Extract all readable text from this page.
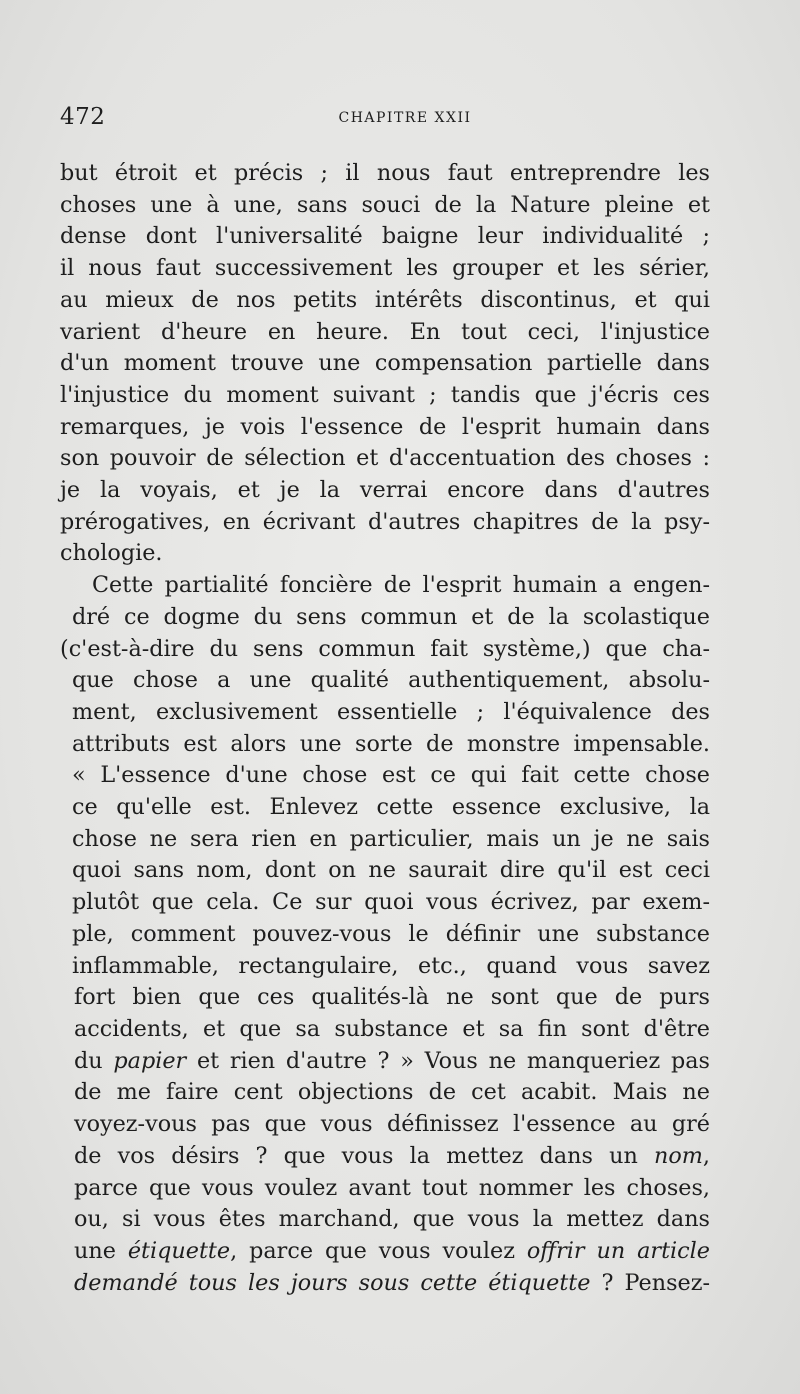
472	CHAPITRE XXII
but étroit et précis ; il nous faut entreprendre les
choses une à une, sans souci de la Nature pleine et
dense dont l'universalité baigne leur individualité ;
il nous faut successivement les grouper et les sérier,
au mieux de nos petits intérêts discontinus, et qui
varient d'heure en heure. En tout ceci, l'injustice
d'un moment trouve une compensation partielle dans
l'injustice du moment suivant ; tandis que j'écris ces
remarques, je vois l'essence de l'esprit humain dans
son pouvoir de sélection et d'accentuation des choses :
je la voyais, et je la verrai encore dans d'autres
prérogatives, en écrivant d'autres chapitres de la psy-
chologie.
Cette partialité foncière de l'esprit humain a engen-
dré ce dogme du sens commun et de la scolastique
(c'est-à-dire du sens commun fait système,) que cha-
que chose a une qualité authentiquement, absolu-
ment, exclusivement essentielle ; l'équivalence des
attributs est alors une sorte de monstre impensable.
« L'essence d'une chose est ce qui fait cette chose
ce qu'elle est. Enlevez cette essence exclusive, la
chose ne sera rien en particulier, mais un je ne sais
quoi sans nom, dont on ne saurait dire qu'il est ceci
plutôt que cela. Ce sur quoi vous écrivez, par exem-
ple, comment pouvez-vous le définir une substance
inflammable, rectangulaire, etc., quand vous savez
fort bien que ces qualités-là ne sont que de purs
accidents, et que sa substance et sa fin sont d'être
du papier et rien d'autre ? » Vous ne manqueriez pas
de me faire cent objections de cet acabit. Mais ne
voyez-vous pas que vous définissez l'essence au gré
de vos désirs ? que vous la mettez dans un nom,
parce que vous voulez avant tout nommer les choses,
ou, si vous êtes marchand, que vous la mettez dans
une étiquette, parce que vous voulez offrir un article
demandé tous les jours sous cette étiquette ? Pensez-
